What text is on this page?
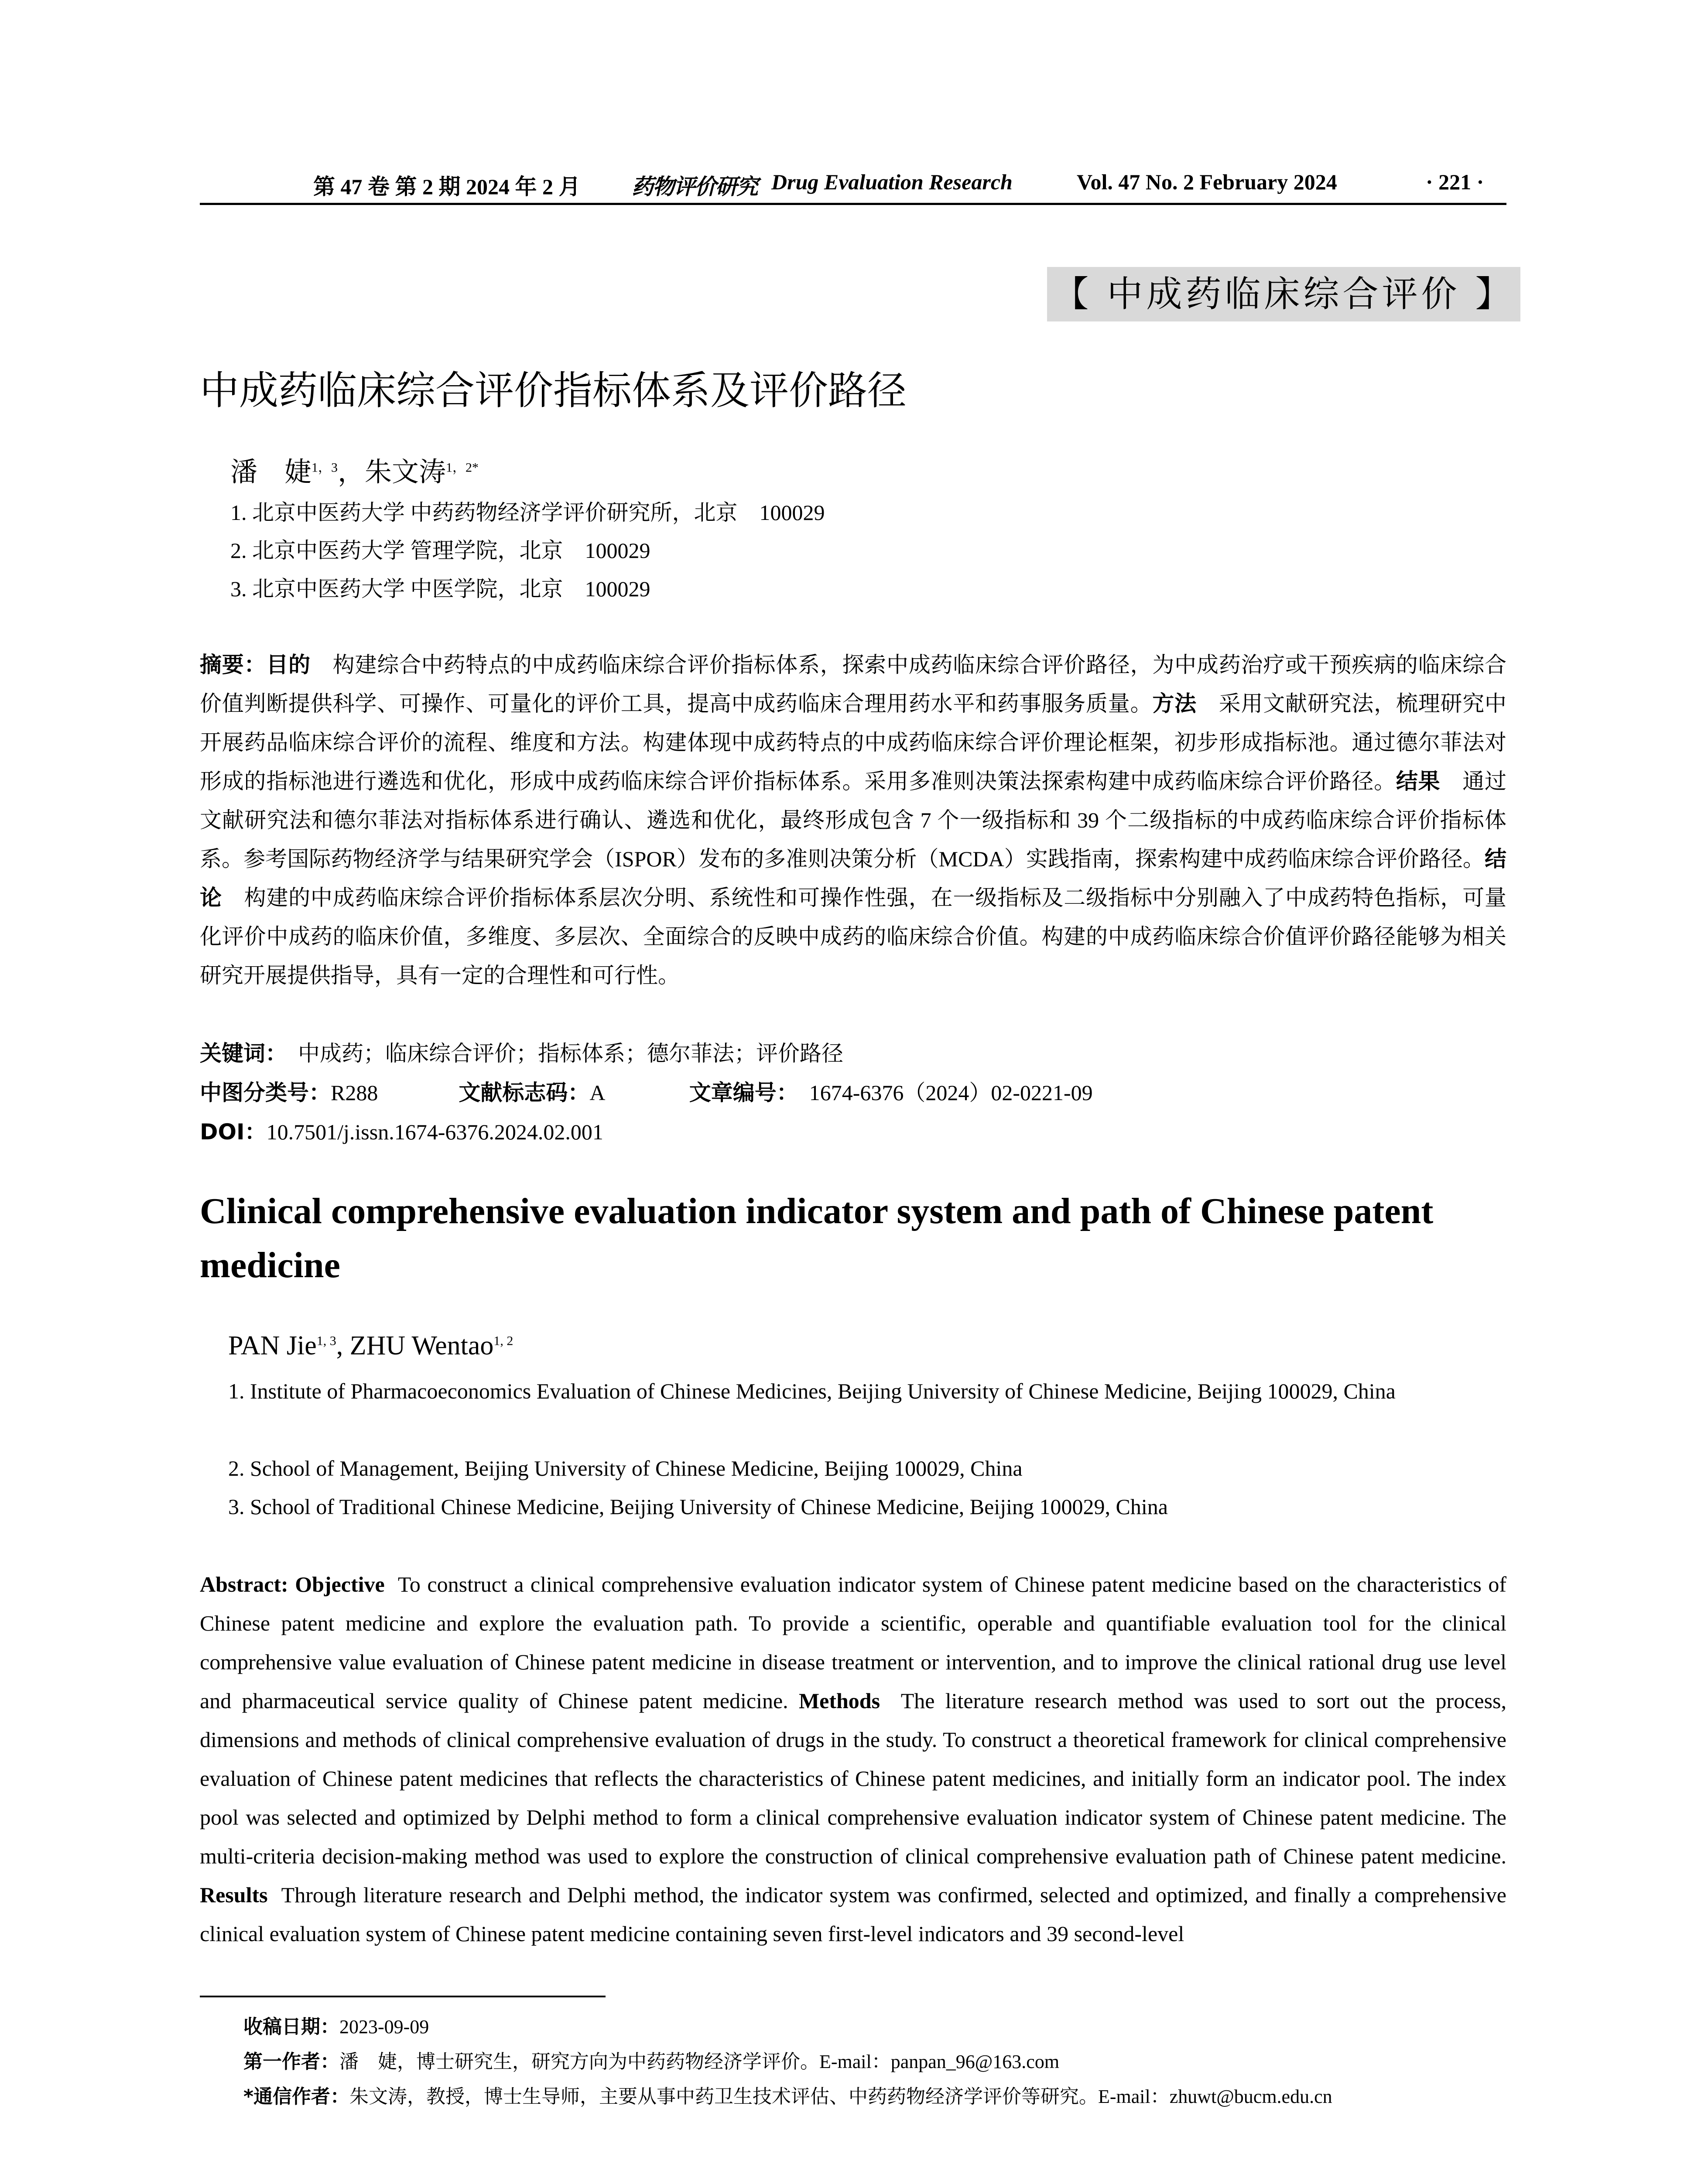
第 47 卷 第 2 期 2024 年 2 月 药物评价研究 Drug Evaluation Research	Vol. 47 No. 2 February 2024	· 221 ·
【 中成药临床综合评价 】
中成药临床综合评价指标体系及评价路径
潘　婕$^{1,3}$，朱文涛$^{1,2*}$
1. 北京中医药大学 中药药物经济学评价研究所，北京　100029
2. 北京中医药大学 管理学院，北京　100029
3. 北京中医药大学 中医学院，北京　100029
摘要：目的　 构建综合中药特点的中成药临床综合评价指标体系，探索中成药临床综合评价路径，为中成药治疗或干预疾病的临床综合价值判断提供科学、可操作、可量化的评价工具，提高中成药临床合理用药水平和药事服务质量。方法　 采用文献研究法，梳理研究中开展药品临床综合评价的流程、维度和方法。构建体现中成药特点的中成药临床综合评价理论框架，初步形成指标池。通过德尔菲法对形成的指标池进行遴选和优化，形成中成药临床综合评价指标体系。采用多准则决策法探索构建中成药临床综合评价路径。结果　 通过文献研究法和德尔菲法对指标体系进行确认、遴选和优化，最终形成包含 7 个一级指标和 39 个二级指标的中成药临床综合评价指标体系。参考国际药物经济学与结果研究学会（ISPOR）发布的多准则决策分析（MCDA）实践指南，探索构建中成药临床综合评价路径。结论　 构建的中成药临床综合评价指标体系层次分明、系统性和可操作性强，在一级指标及二级指标中分别融入了中成药特色指标，可量化评价中成药的临床价值，多维度、多层次、全面综合的反映中成药的临床综合价值。构建的中成药临床综合价值评价路径能够为相关研究开展提供指导，具有一定的合理性和可行性。
关键词：　 中成药；临床综合评价；指标体系；德尔菲法；评价路径
中图分类号：R288	文献标志码：A	文章编号：　 1674-6376（2024）02-0221-09
DOI：10.7501/j.issn.1674-6376.2024.02.001
Clinical comprehensive evaluation indicator system and path of Chinese patent medicine
PAN Jie$^{1, 3}$, ZHU Wentao$^{1, 2}$
1. Institute of Pharmacoeconomics Evaluation of Chinese Medicines, Beijing University of Chinese Medicine, Beijing 100029, China
2. School of Management, Beijing University of Chinese Medicine, Beijing 100029, China
3. School of Traditional Chinese Medicine, Beijing University of Chinese Medicine, Beijing 100029, China
Abstract: Objective To construct a clinical comprehensive evaluation indicator system of Chinese patent medicine based on the characteristics of Chinese patent medicine and explore the evaluation path. To provide a scientific, operable and quantifiable evaluation tool for the clinical comprehensive value evaluation of Chinese patent medicine in disease treatment or intervention, and to improve the clinical rational drug use level and pharmaceutical service quality of Chinese patent medicine. Methods The literature research method was used to sort out the process, dimensions and methods of clinical comprehensive evaluation of drugs in the study. To construct a theoretical framework for clinical comprehensive evaluation of Chinese patent medicines that reflects the characteristics of Chinese patent medicines, and initially form an indicator pool. The index pool was selected and optimized by Delphi method to form a clinical comprehensive evaluation indicator system of Chinese patent medicine. The multi-criteria decision-making method was used to explore the construction of clinical comprehensive evaluation path of Chinese patent medicine. Results Through literature research and Delphi method, the indicator system was confirmed, selected and optimized, and finally a comprehensive clinical evaluation system of Chinese patent medicine containing seven first-level indicators and 39 second-level
收稿日期：2023-09-09
第一作者：潘　婕，博士研究生，研究方向为中药药物经济学评价。E-mail：panpan_96@163.com
*通信作者：朱文涛，教授，博士生导师，主要从事中药卫生技术评估、中药药物经济学评价等研究。E-mail：zhuwt@bucm.edu.cn
